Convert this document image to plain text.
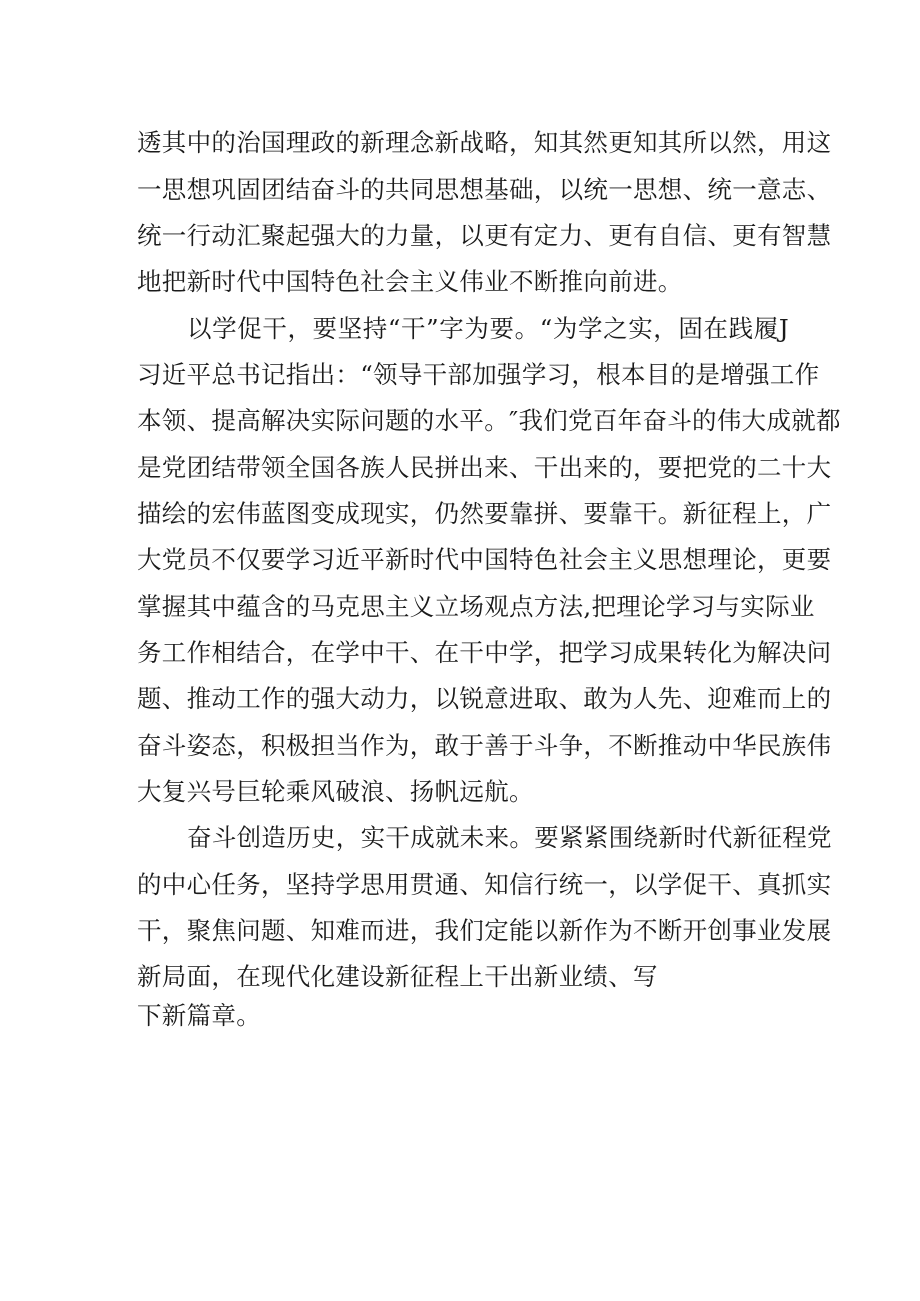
透其中的治国理政的新理念新战略，知其然更知其所以然，用这
一思想巩固团结奋斗的共同思想基础，以统一思想、统一意志、
统一行动汇聚起强大的力量，以更有定力、更有自信、更有智慧
地把新时代中国特色社会主义伟业不断推向前进。
以学促干，要坚持“干”字为要。“为学之实，固在践履J
习近平总书记指出：“领导干部加强学习，根本目的是增强工作
本领、提高解决实际问题的水平。″我们党百年奋斗的伟大成就都
是党团结带领全国各族人民拼出来、干出来的，要把党的二十大
描绘的宏伟蓝图变成现实，仍然要靠拼、要靠干。新征程上，广
大党员不仅要学习近平新时代中国特色社会主义思想理论，更要
掌握其中蕴含的马克思主义立场观点方法,把理论学习与实际业
务工作相结合，在学中干、在干中学，把学习成果转化为解决问
题、推动工作的强大动力，以锐意进取、敢为人先、迎难而上的
奋斗姿态，积极担当作为，敢于善于斗争，不断推动中华民族伟
大复兴号巨轮乘风破浪、扬帆远航。
奋斗创造历史，实干成就未来。要紧紧围绕新时代新征程党
的中心任务，坚持学思用贯通、知信行统一，以学促干、真抓实
干，聚焦问题、知难而进，我们定能以新作为不断开创事业发展
新局面，在现代化建设新征程上干出新业绩、写
下新篇章。
